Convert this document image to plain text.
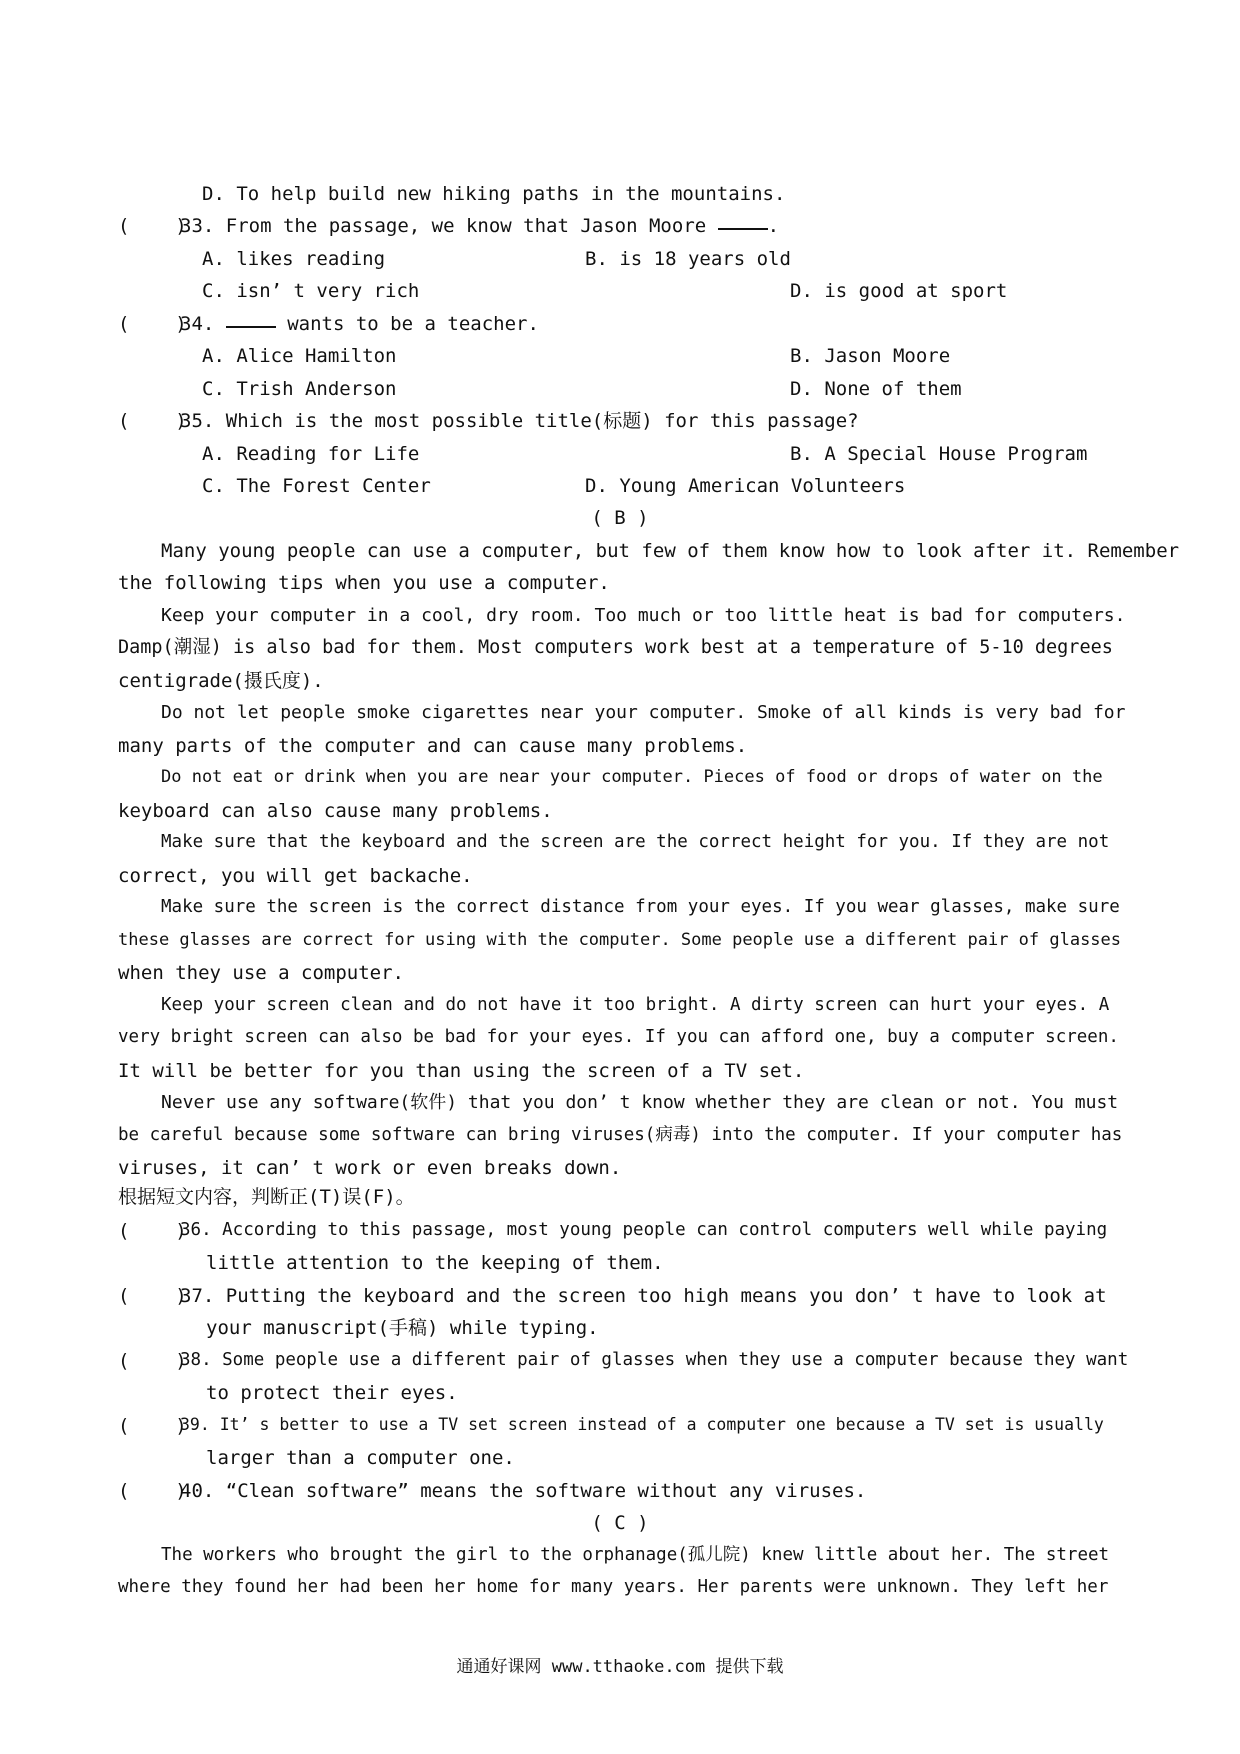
D. To help build new hiking paths in the mountains.
(    )
33. From the passage, we know that Jason Moore	.
A. likes reading	B. is 18 years old
C. isn’ t very rich	D. is good at sport
(    )
34.	wants to be a teacher.
A. Alice Hamilton	B. Jason Moore
C. Trish Anderson	D. None of them
(    )
35. Which is the most possible title(标题) for this passage?
A. Reading for Life	B. A Special House Program
C. The Forest Center	D. Young American Volunteers
( B )
Many young people can use a computer, but few of them know how to look after it. Remember
the following tips when you use a computer.
Keep your computer in a cool, dry room. Too much or too little heat is bad for computers.
Damp(潮湿) is also bad for them. Most computers work best at a temperature of 5-10 degrees
centigrade(摄氏度).
Do not let people smoke cigarettes near your computer. Smoke of all kinds is very bad for
many parts of the computer and can cause many problems.
Do not eat or drink when you are near your computer. Pieces of food or drops of water on the
keyboard can also cause many problems.
Make sure that the keyboard and the screen are the correct height for you. If they are not
correct, you will get backache.
Make sure the screen is the correct distance from your eyes. If you wear glasses, make sure
these glasses are correct for using with the computer. Some people use a different pair of glasses
when they use a computer.
Keep your screen clean and do not have it too bright. A dirty screen can hurt your eyes. A
very bright screen can also be bad for your eyes. If you can afford one, buy a computer screen.
It will be better for you than using the screen of a TV set.
Never use any software(软件) that you don’ t know whether they are clean or not. You must
be careful because some software can bring viruses(病毒) into the computer. If your computer has
viruses, it can’ t work or even breaks down.
根据短文内容，判断正(T)误(F)。
(    )
36. According to this passage, most young people can control computers well while paying
little attention to the keeping of them.
(    )
37. Putting the keyboard and the screen too high means you don’ t have to look at
your manuscript(手稿) while typing.
(    )
38. Some people use a different pair of glasses when they use a computer because they want
to protect their eyes.
(    )
39. It’ s better to use a TV set screen instead of a computer one because a TV set is usually
larger than a computer one.
(    )
40. “Clean software” means the software without any viruses.
( C )
The workers who brought the girl to the orphanage(孤儿院) knew little about her. The street
where they found her had been her home for many years. Her parents were unknown. They left her
通通好课网 www.tthaoke.com 提供下载
